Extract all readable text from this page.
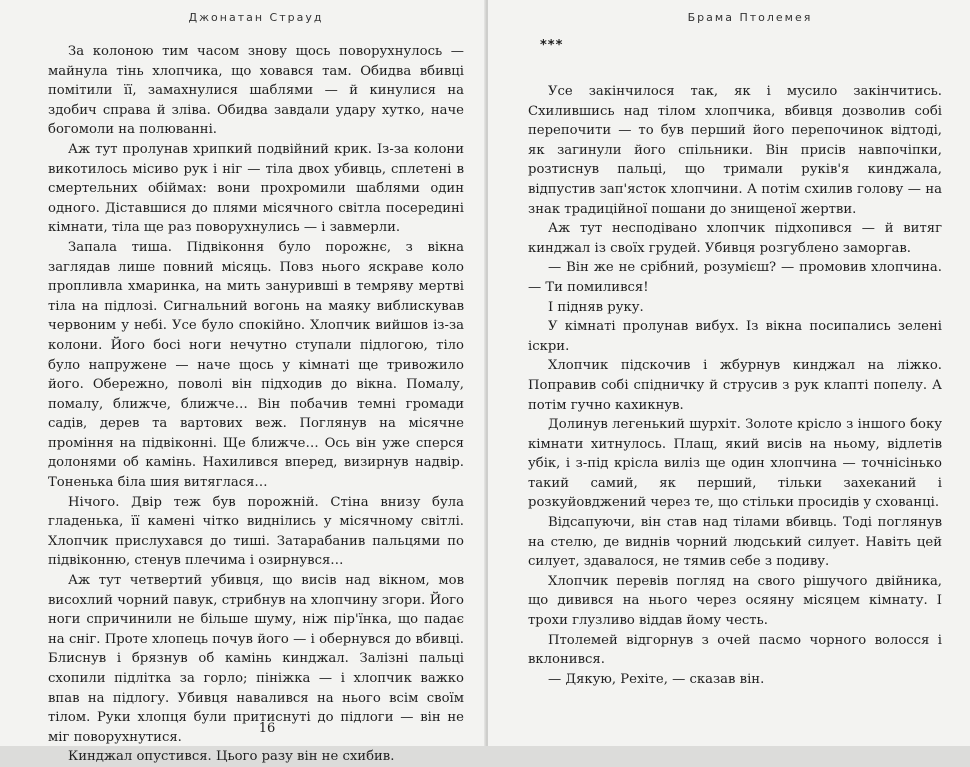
Джонатан Страуд

За колоною тим часом знову щось поворухнулось — майнула тінь хлопчика, що ховався там. Обидва вбивці помітили її, замахнулися шаблями — й кинулися на здобич справа й зліва. Обидва завдали удару хутко, наче богомоли на полюванні.

Аж тут пролунав хрипкий подвійний крик. Із-за колони викотилось місиво рук і ніг — тіла двох убивць, сплетені в смертельних обіймах: вони прохромили шаблями один одного. Діставшися до плями місячного світла посередині кімнати, тіла ще раз поворухнулись — і завмерли.

Запала тиша. Підвіконня було порожнє, з вікна заглядав лише повний місяць. Повз нього яскраве коло пропливла хмаринка, на мить занурившi в темряву мертві тіла на підлозі. Сигнальний вогонь на маяку виблискував червоним у небі. Усе було спокійно. Хлопчик вийшов із-за колони. Його босі ноги нечутно ступали підлогою, тіло було напружене — наче щось у кімнаті ще тривожило його. Обережно, поволі він підходив до вікна. Помалу, помалу, ближче, ближче… Він побачив темні громади садів, дерев та вартових веж. Поглянув на місячне проміння на підвіконні. Ще ближче… Ось він уже сперся долонями об камінь. Нахилився вперед, визирнув надвір. Тоненька біла шия витяглася…

Нічого. Двір теж був порожній. Стіна внизу була гладенька, її камені чітко виднілись у місячному світлі. Хлопчик прислухався до тиші. Затарабанив пальцями по підвіконню, стенув плечима і озирнувся…

Аж тут четвертий убивця, що висів над вікном, мов висохлий чорний павук, стрибнув на хлопчину згори. Його ноги спричинили не більше шуму, ніж пір'їнка, що падає на сніг. Проте хлопець почув його — і обернувся до вбивці. Блиснув і брязнув об камінь кинджал. Залізні пальці схопили підлітка за горло; пініжка — і хлопчик важко впав на підлогу. Убивця навалився на нього всім своїм тілом. Руки хлопця були притиснуті до підлоги — він не міг поворухнутися.

Кинджал опустився. Цього разу він не схибив.

16
Брама Птолемея
***

Усе закінчилося так, як і мусило закінчитись. Схилившись над тілом хлопчика, вбивця дозволив собі перепочити — то був перший його перепочинок відтоді, як загинули його спільники. Він присів навпочіпки, розтиснув пальці, що тримали руків'я кинджала, відпустив зап'ясток хлопчини. А потім схилив голову — на знак традиційної пошани до знищеної жертви.

Аж тут несподівано хлопчик підхопився — й витяг кинджал із своїх грудей. Убивця розгублено заморгав.

— Він же не срібний, розумієш? — промовив хлопчина. — Ти помилився!

І підняв руку.

У кімнаті пролунав вибух. Із вікна посипались зелені іскри.

Хлопчик підскочив і жбурнув кинджал на ліжко. Поправив собі спідничку й струсив з рук клапті попелу. А потім гучно кахикнув.

Долинув легенький шурхіт. Золоте крісло з іншого боку кімнати хитнулось. Плащ, який висів на ньому, відлетів убік, і з-під крісла виліз ще один хлопчина — точнісінько такий самий, як перший, тільки захеканий і розкуйовджений через те, що стільки просидів у схованці.

Відсапуючи, він став над тілами вбивць. Тоді поглянув на стелю, де виднів чорний людський силует. Навіть цей силует, здавалося, не тямив себе з подиву.

Хлопчик перевів погляд на свого рішучого двійника, що дивився на нього через осяяну місяцем кімнату. І трохи глузливо віддав йому честь.

Птолемей відгорнув з очей пасмо чорного волосся і вклонився.

— Дякую, Рехіте, — сказав він.
